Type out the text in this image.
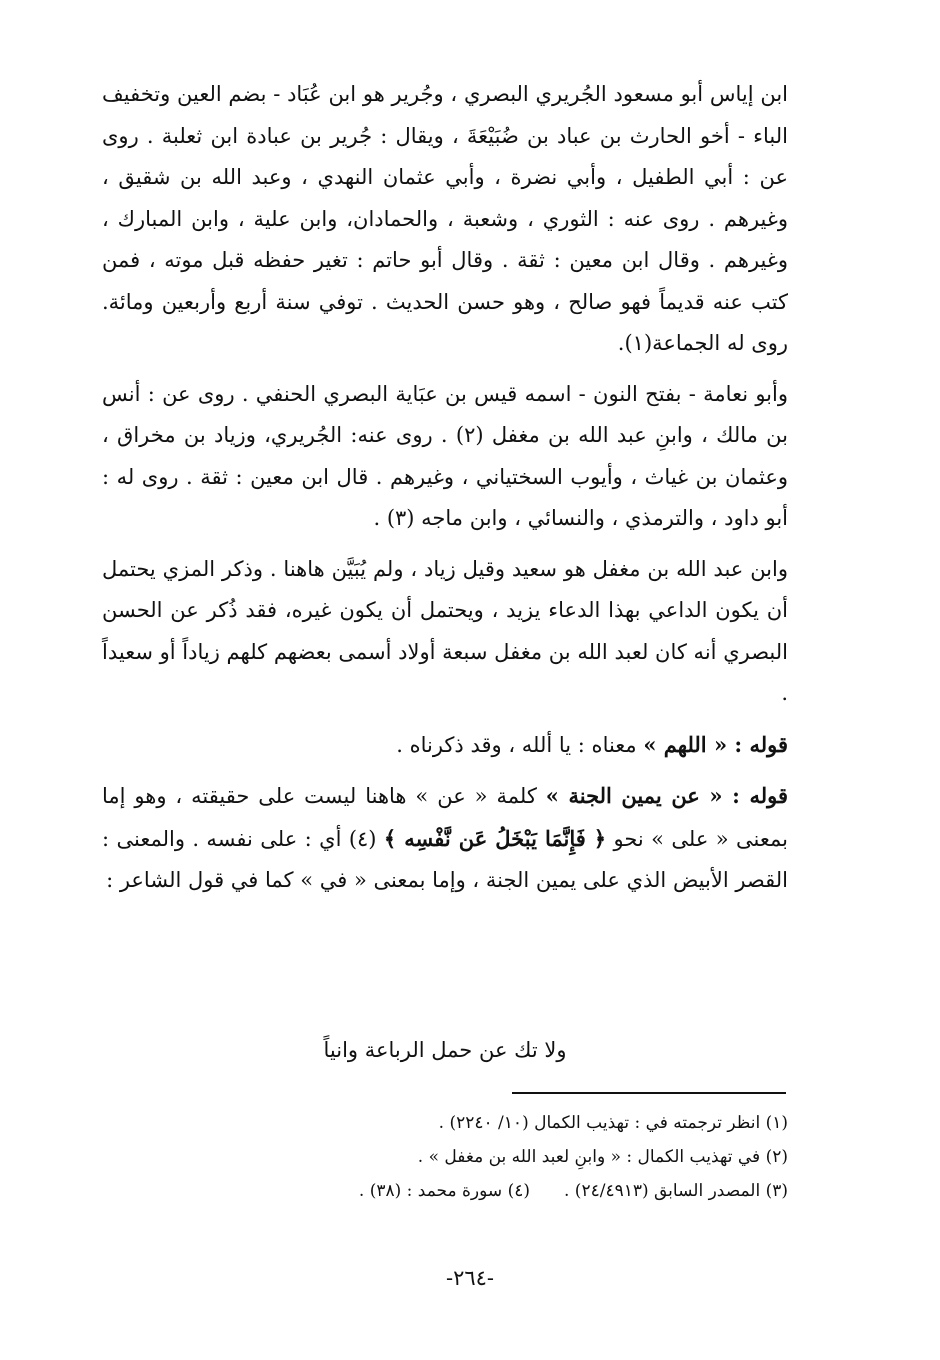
ابن إياس أبو مسعود الجُريري البصري ، وجُرير هو ابن عُبَاد - بضم العين وتخفيف الباء - أخو الحارث بن عباد بن ضُبَيْعَةَ ، ويقال : جُرير بن عبادة ابن ثعلبة . روى عن : أبي الطفيل ، وأبي نضرة ، وأبي عثمان النهدي ، وعبد الله بن شقيق ، وغيرهم . روى عنه : الثوري ، وشعبة ، والحمادان، وابن علية ، وابن المبارك ، وغيرهم . وقال ابن معين : ثقة . وقال أبو حاتم : تغير حفظه قبل موته ، فمن كتب عنه قديماً فهو صالح ، وهو حسن الحديث . توفي سنة أربع وأربعين ومائة. روى له الجماعة(١).

وأبو نعامة - بفتح النون - اسمه قيس بن عبَاية البصري الحنفي . روى عن : أنس بن مالك ، وابنِ عبد الله بن مغفل (٢) . روى عنه: الجُريري، وزياد بن مخراق ، وعثمان بن غياث ، وأيوب السختياني ، وغيرهم . قال ابن معين : ثقة . روى له : أبو داود ، والترمذي ، والنسائي ، وابن ماجه (٣) .

وابن عبد الله بن مغفل هو سعيد وقيل زياد ، ولم يُبَيَّن هاهنا . وذكر المزي يحتمل أن يكون الداعي بهذا الدعاء يزيد ، ويحتمل أن يكون غيره، فقد ذُكر عن الحسن البصري أنه كان لعبد الله بن مغفل سبعة أولاد أسمى بعضهم كلهم زياداً أو سعيداً .

قوله : « اللهم » معناه : يا ألله ، وقد ذكرناه .

قوله : « عن يمين الجنة » كلمة « عن » هاهنا ليست على حقيقته ، وهو إما بمعنى « على » نحو ﴿ فَإِنَّمَا يَبْخَلُ عَن نَّفْسِه ﴾ (٤) أي : على نفسه . والمعنى : القصر الأبيض الذي على يمين الجنة ، وإما بمعنى « في » كما في قول الشاعر :

ولا تك عن حمل الرباعة وانياً

(١) انظر ترجمته في : تهذيب الكمال (١٠/ ٢٢٤٠) .

(٢) في تهذيب الكمال : « وابنِ لعبد الله بن مغفل » .

(٣) المصدر السابق (٢٤/٤٩١٣) .(٤) سورة محمد : (٣٨) .

-٢٦٤-
